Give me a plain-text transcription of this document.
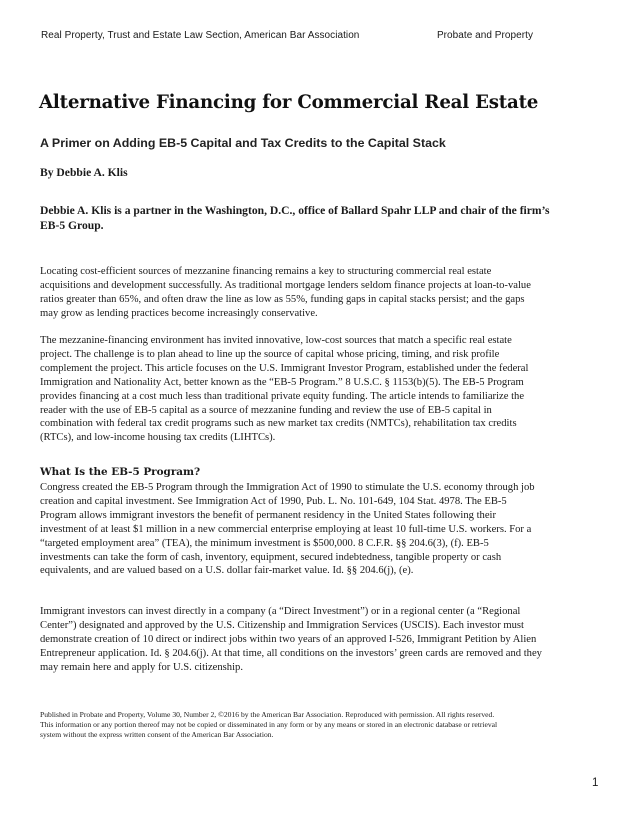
Real Property, Trust and Estate Law Section, American Bar Association	Probate and Property
Alternative Financing for Commercial Real Estate
A Primer on Adding EB-5 Capital and Tax Credits to the Capital Stack

By Debbie A. Klis

Debbie A. Klis is a partner in the Washington, D.C., office of Ballard Spahr LLP and chair of the firm’s EB-5 Group.

Locating cost-efficient sources of mezzanine financing remains a key to structuring commercial real estate acquisitions and development successfully. As traditional mortgage lenders seldom finance projects at loan-to-value ratios greater than 65%, and often draw the line as low as 55%, funding gaps in capital stacks persist; and the gaps may grow as lending practices become increasingly conservative.

The mezzanine-financing environment has invited innovative, low-cost sources that match a specific real estate project. The challenge is to plan ahead to line up the source of capital whose pricing, timing, and risk profile complement the project. This article focuses on the U.S. Immigrant Investor Program, established under the federal Immigration and Nationality Act, better known as the “EB-5 Program.” 8 U.S.C. § 1153(b)(5). The EB-5 Program provides financing at a cost much less than traditional private equity funding. The article intends to familiarize the reader with the use of EB-5 capital as a source of mezzanine funding and review the use of EB-5 capital in combination with federal tax credit programs such as new market tax credits (NMTCs), rehabilitation tax credits (RTCs), and low-income housing tax credits (LIHTCs).

What Is the EB-5 Program?

Congress created the EB-5 Program through the Immigration Act of 1990 to stimulate the U.S. economy through job creation and capital investment. See Immigration Act of 1990, Pub. L. No. 101-649, 104 Stat. 4978. The EB-5 Program allows immigrant investors the benefit of permanent residency in the United States following their investment of at least $1 million in a new commercial enterprise employing at least 10 full-time U.S. workers. For a “targeted employment area” (TEA), the minimum investment is $500,000. 8 C.F.R. §§ 204.6(3), (f). EB-5 investments can take the form of cash, inventory, equipment, secured indebtedness, tangible property or cash equivalents, and are valued based on a U.S. dollar fair-market value. Id. §§ 204.6(j), (e).

Immigrant investors can invest directly in a company (a “Direct Investment”) or in a regional center (a “Regional Center”) designated and approved by the U.S. Citizenship and Immigration Services (USCIS). Each investor must demonstrate creation of 10 direct or indirect jobs within two years of an approved I-526, Immigrant Petition by Alien Entrepreneur application. Id. § 204.6(j). At that time, all conditions on the investors’ green cards are removed and they may remain here and apply for U.S. citizenship.

Published in Probate and Property, Volume 30, Number 2, ©2016 by the American Bar Association. Reproduced with permission. All rights reserved. This information or any portion thereof may not be copied or disseminated in any form or by any means or stored in an electronic database or retrieval system without the express written consent of the American Bar Association.

1
